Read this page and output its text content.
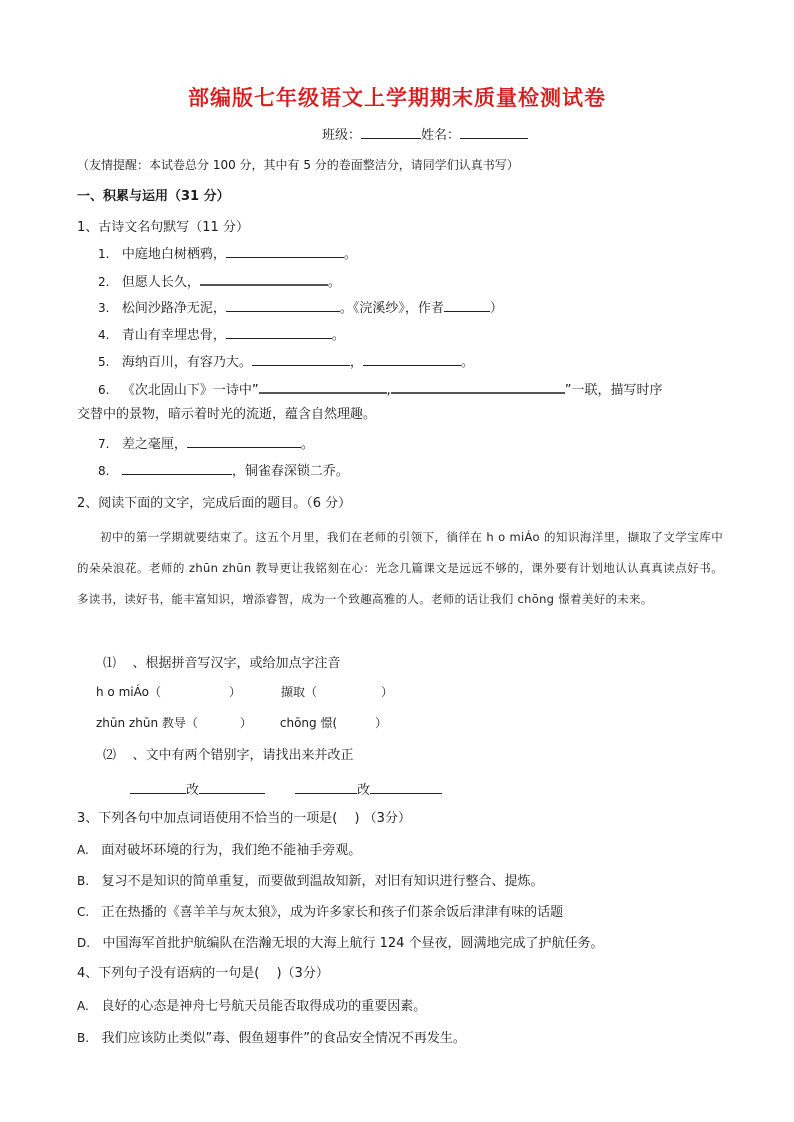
部编版七年级语文上学期期末质量检测试卷
班级：	姓名：
（友情提醒：本试卷总分 100 分，其中有 5 分的卷面整洁分，请同学们认真书写）
一、积累与运用（31 分）
1、古诗文名句默写（11 分）
1. 中庭地白树栖鸦，	。
2. 但愿人长久，	。
3. 松间沙路净无泥，	。《浣溪纱》，作者	）
4. 青山有幸埋忠骨，	。
5. 海纳百川，有容乃大。	，	。
6. 《次北固山下》一诗中”	,	”一联，描写时序
交替中的景物，暗示着时光的流逝，蕴含自然理趣。
7. 差之毫厘，	。
8.	，铜雀春深锁二乔。
2、阅读下面的文字，完成后面的题目。（6 分）
初中的第一学期就要结束了。这五个月里，我们在老师的引领下，徜徉在 h o miÁo 的知识海洋里，撷取了文学宝库中的朵朵浪花。老师的 zhūn zhūn 教导更让我铭刻在心：光念几篇课文是远远不够的，课外要有计划地认认真真读点好书。多读书，读好书，能丰富知识，增添睿智，成为一个致趣高雅的人。老师的话让我们 chōng 憬着美好的未来。
⑴ 、根据拼音写汉字，或给加点字注音
h o miÁo（	）	撷取（	）
zhūn zhūn 教导（	） chōng 憬(	）
⑵ 、文中有两个错别字，请找出来并改正
改	改
3、下列各句中加点词语使用不恰当的一项是(　 ) （3分）
A. 面对破坏环境的行为，我们绝不能袖手旁观。
B. 复习不是知识的简单重复，而要做到温故知新，对旧有知识进行整合、提炼。
C. 正在热播的《喜羊羊与灰太狼》，成为许多家长和孩子们茶余饭后津津有味的话题
D. 中国海军首批护航编队在浩瀚无垠的大海上航行 124 个昼夜，圆满地完成了护航任务。
4、下列句子没有语病的一句是(　 )（3分）
A. 良好的心态是神舟七号航天员能否取得成功的重要因素。
B. 我们应该防止类似”毒、假鱼翅事件”的食品安全情况不再发生。
